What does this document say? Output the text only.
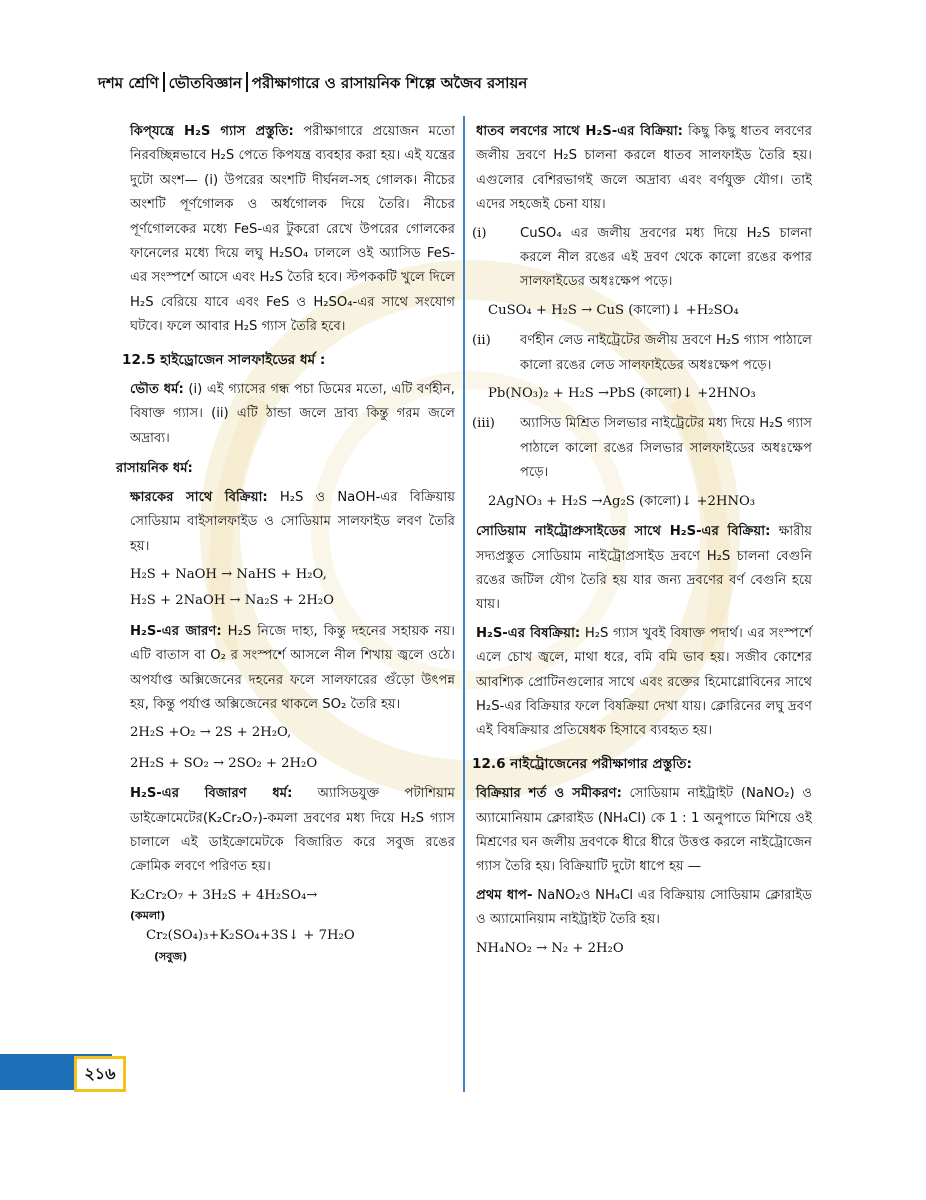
দশম শ্রেণি ভৌতবিজ্ঞান পরীক্ষাগারে ও রাসায়নিক শিল্পে অজৈব রসায়ন

কিপ্‌যন্ত্রে H₂S গ্যাস প্রস্তুতি: পরীক্ষাগারে প্রয়োজন মতো নিরবচ্ছিন্নভাবে H₂S পেতে কিপযন্ত্র ব্যবহার করা হয়। এই যন্ত্রের দুটো অংশ— (i) উপরের অংশটি দীর্ঘনল-সহ গোলক। নীচের অংশটি পূর্ণগোলক ও অর্ধগোলক দিয়ে তৈরি। নীচের পূর্ণগোলকের মধ্যে FeS-এর টুকরো রেখে উপরের গোলকের ফানেলের মধ্যে দিয়ে লঘু H₂SO₄ ঢাললে ওই অ্যাসিড FeS-এর সংস্পর্শে আসে এবং H₂S তৈরি হবে। স্টপককটি খুলে দিলে H₂S বেরিয়ে যাবে এবং FeS ও H₂SO₄-এর সাথে সংযোগ ঘটবে। ফলে আবার H₂S গ্যাস তৈরি হবে।

12.5 হাইড্রোজেন সালফাইডের ধর্ম :

ভৌত ধর্ম: (i) এই গ্যাসের গন্ধ পচা ডিমের মতো, এটি বর্ণহীন, বিষাক্ত গ্যাস। (ii) এটি ঠান্ডা জলে দ্রাব্য কিন্তু গরম জলে অদ্রাব্য।

রাসায়নিক ধর্ম:

ক্ষারকের সাথে বিক্রিয়া: H₂S ও NaOH-এর বিক্রিয়ায় সোডিয়াম বাইসালফাইড ও সোডিয়াম সালফাইড লবণ তৈরি হয়।

H₂S + NaOH → NaHS + H₂O,
H₂S + 2NaOH → Na₂S + 2H₂O

H₂S-এর জারণ: H₂S নিজে দাহ্য, কিন্তু দহনের সহায়ক নয়। এটি বাতাস বা O₂ র সংস্পর্শে আসলে নীল শিখায় জ্বলে ওঠে। অপর্যাপ্ত অক্সিজেনের দহনের ফলে সালফারের গুঁড়ো উৎপন্ন হয়, কিন্তু পর্যাপ্ত অক্সিজেনের থাকলে SO₂ তৈরি হয়।

2H₂S +O₂ → 2S + 2H₂O,
2H₂S + SO₂ → 2SO₂ + 2H₂O

H₂S-এর বিজারণ ধর্ম: অ্যাসিডযুক্ত পটাশিয়াম ডাইক্রোমেটের(K₂Cr₂O₇)-কমলা দ্রবণের মধ্য দিয়ে H₂S গ্যাস চালালে এই ডাইক্রোমেটকে বিজারিত করে সবুজ রঙের ক্রোমিক লবণে পরিণত হয়।

K₂Cr₂O₇ + 3H₂S + 4H₂SO₄→
(কমলা)
Cr₂(SO₄)₃+K₂SO₄+3S↓ + 7H₂O
(সবুজ)

ধাতব লবণের সাথে H₂S-এর বিক্রিয়া: কিছু কিছু ধাতব লবণের জলীয় দ্রবণে H₂S চালনা করলে ধাতব সালফাইড তৈরি হয়। এগুলোর বেশিরভাগই জলে অদ্রাব্য এবং বর্ণযুক্ত যৌগ। তাই এদের সহজেই চেনা যায়।

(i)	CuSO₄ এর জলীয় দ্রবণের মধ্য দিয়ে H₂S চালনা করলে নীল রঙের এই দ্রবণ থেকে কালো রঙের কপার সালফাইডের অধঃক্ষেপ পড়ে।
CuSO₄ + H₂S → CuS (কালো)↓ +H₂SO₄
(ii) বর্ণহীন লেড নাইট্রেটের জলীয় দ্রবণে H₂S গ্যাস পাঠালে কালো রঙের লেড সালফাইডের অধঃক্ষেপ পড়ে।
Pb(NO₃)₂ + H₂S →PbS (কালো)↓ +2HNO₃
(iii) অ্যাসিড মিশ্রিত সিলভার নাইট্রেটের মধ্য দিয়ে H₂S গ্যাস পাঠালে কালো রঙের সিলভার সালফাইডের অধঃক্ষেপ পড়ে।
2AgNO₃ + H₂S →Ag₂S (কালো)↓ +2HNO₃

সোডিয়াম নাইট্রোপ্রুসাইডের সাথে H₂S-এর বিক্রিয়া: ক্ষারীয় সদ্যপ্রস্তুত সোডিয়াম নাইট্রোপ্রসাইড দ্রবণে H₂S চালনা বেগুনি রঙের জটিল যৌগ তৈরি হয় যার জন্য দ্রবণের বর্ণ বেগুনি হয়ে যায়।

H₂S-এর বিষক্রিয়া: H₂S গ্যাস খুবই বিষাক্ত পদার্থ। এর সংস্পর্শে এলে চোখ জ্বলে, মাথা ধরে, বমি বমি ভাব হয়। সজীব কোশের আবশ্যিক প্রোটিনগুলোর সাথে এবং রক্তের হিমোগ্লোবিনের সাথে H₂S-এর বিক্রিয়ার ফলে বিষক্রিয়া দেখা যায়। ক্লোরিনের লঘু দ্রবণ এই বিষক্রিয়ার প্রতিষেধক হিসাবে ব্যবহৃত হয়।

12.6 নাইট্রোজেনের পরীক্ষাগার প্রস্তুতি:

বিক্রিয়ার শর্ত ও সমীকরণ: সোডিয়াম নাইট্রাইট (NaNO₂) ও অ্যামোনিয়াম ক্লোরাইড (NH₄Cl) কে 1 : 1 অনুপাতে মিশিয়ে ওই মিশ্রণের ঘন জলীয় দ্রবণকে ধীরে ধীরে উত্তপ্ত করলে নাইট্রোজেন গ্যাস তৈরি হয়। বিক্রিয়াটি দুটো ধাপে হয় —

প্রথম ধাপ- NaNO₂ও NH₄Cl এর বিক্রিয়ায় সোডিয়াম ক্লোরাইড ও অ্যামোনিয়াম নাইট্রাইট তৈরি হয়।

NH₄NO₂ → N₂ + 2H₂O
২১৬
